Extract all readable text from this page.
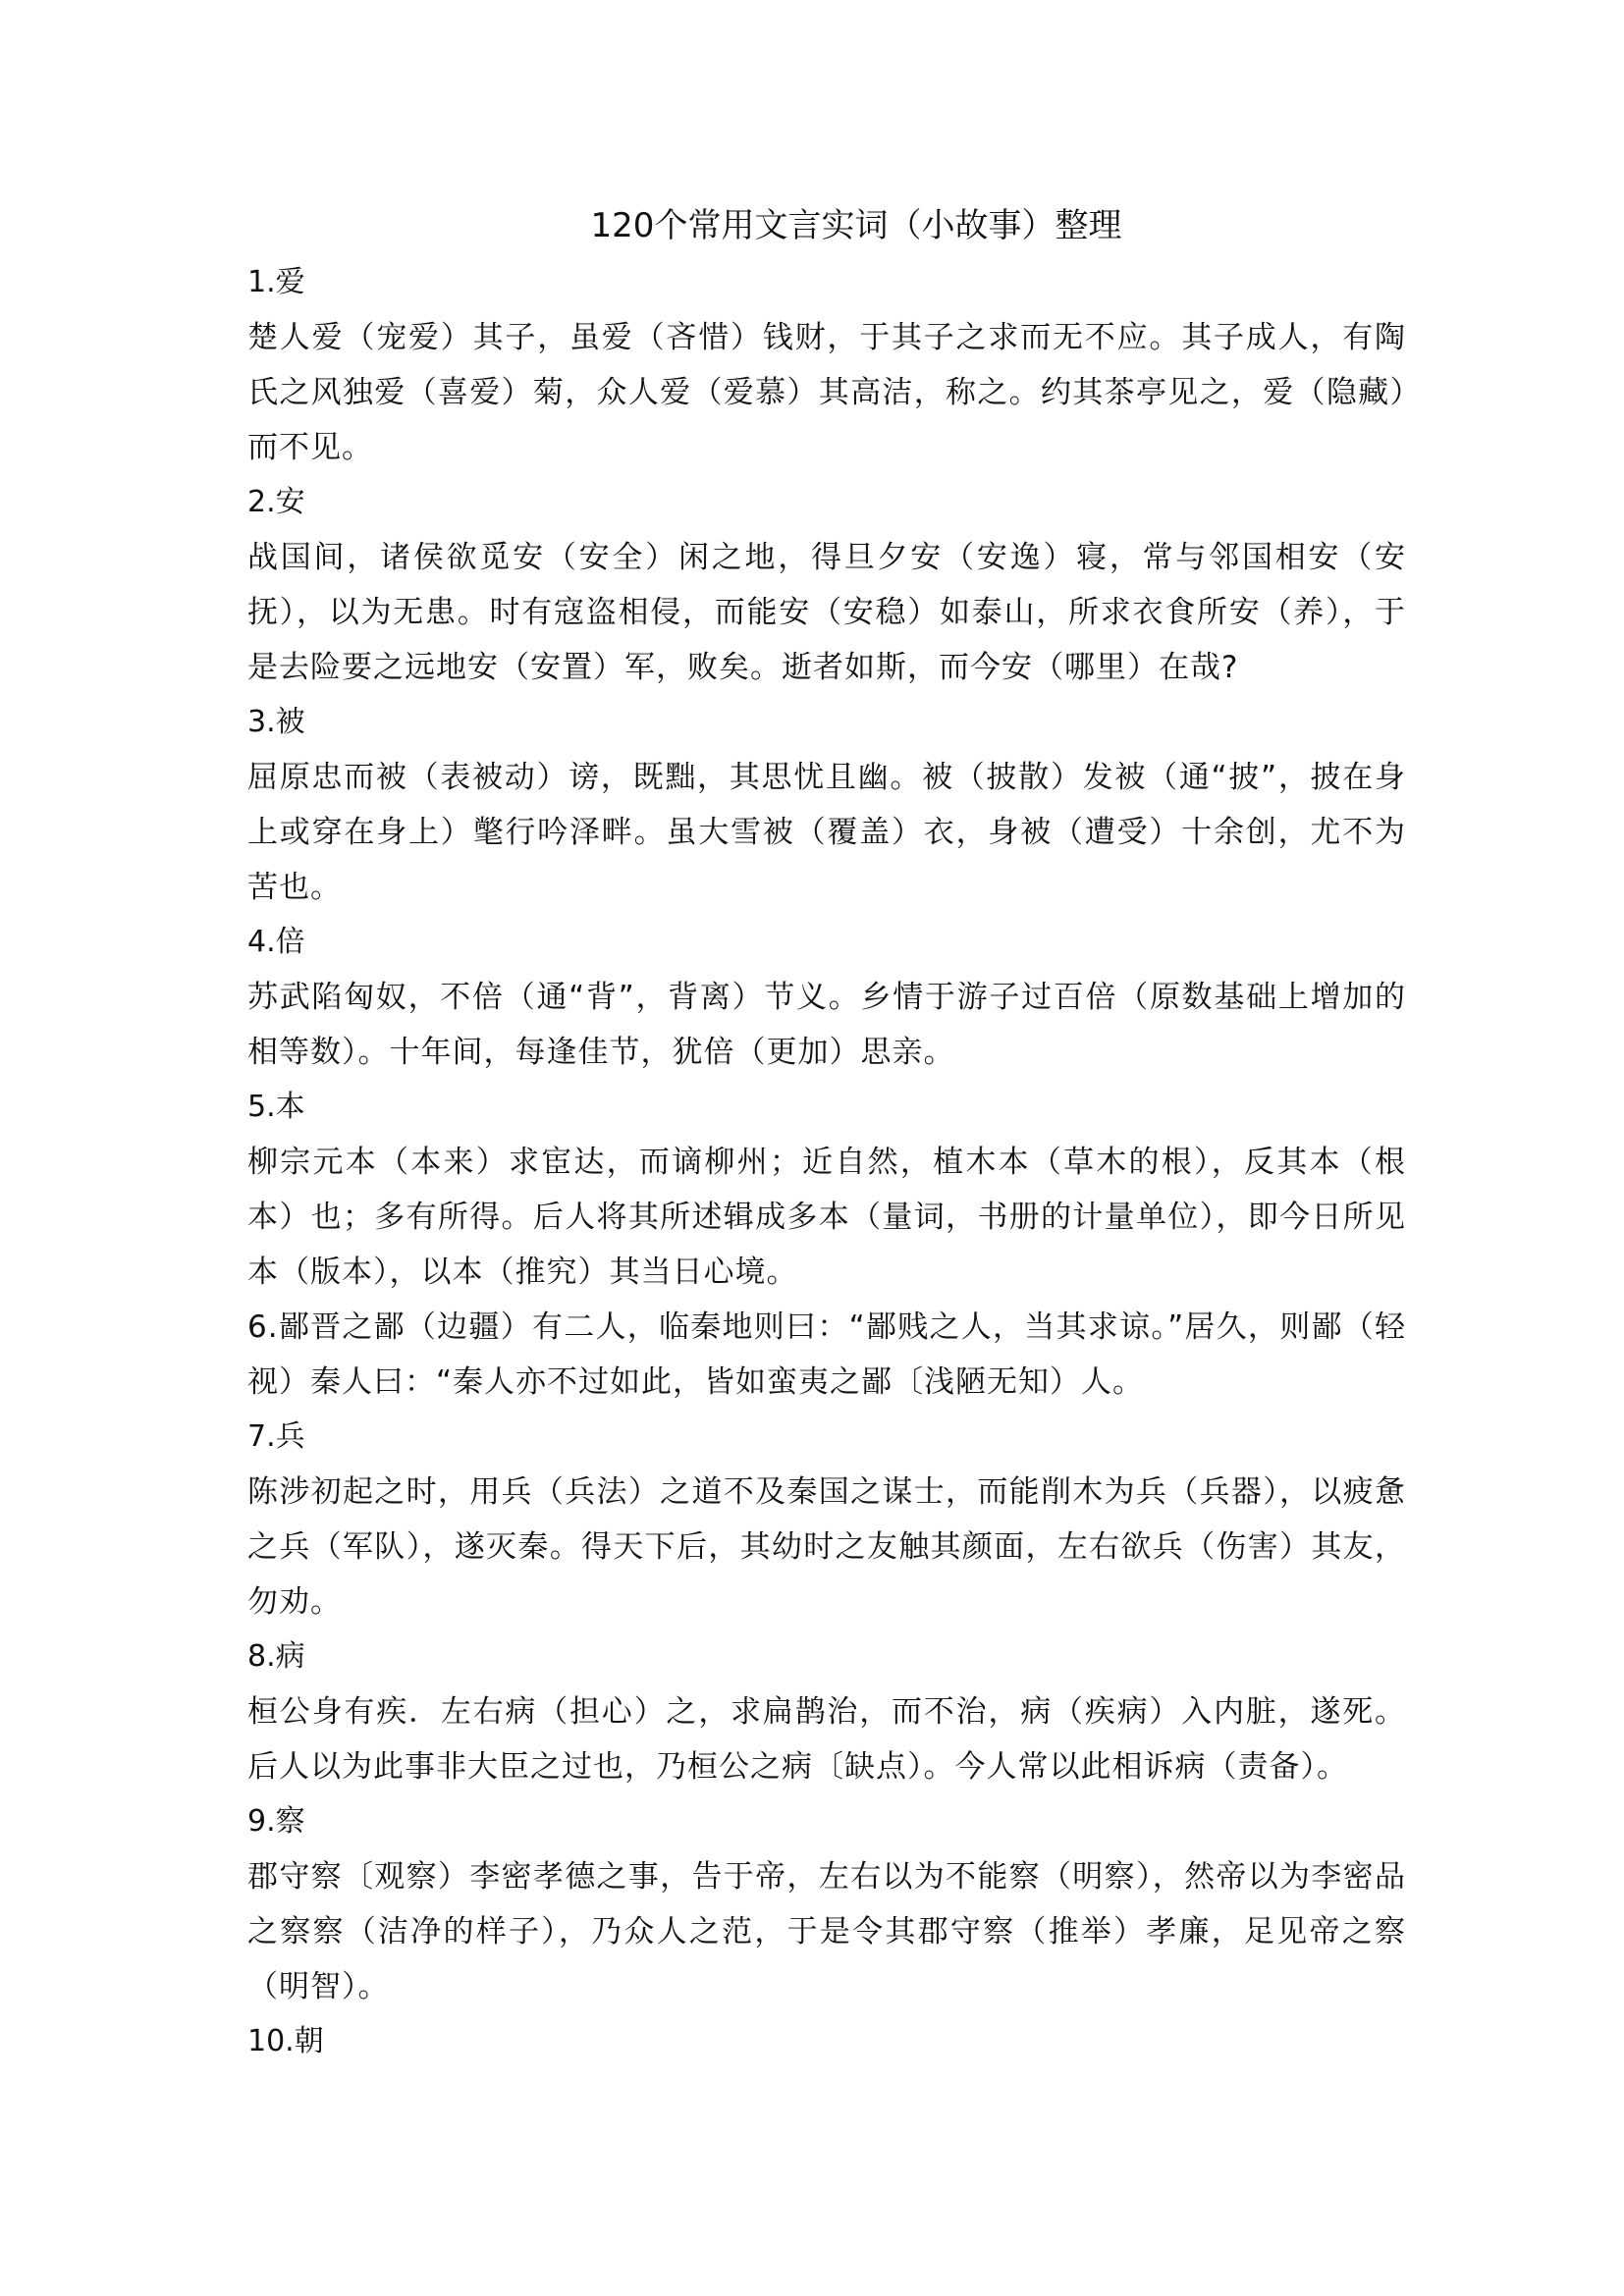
120个常用文言实词（小故事）整理

1.爱

楚人爱（宠爱）其子，虽爱（吝惜）钱财，于其子之求而无不应。其子成人，有陶氏之风独爱（喜爱）菊，众人爱（爱慕）其高洁，称之。约其茶亭见之，爱（隐藏）而不见。

2.安

战国间，诸侯欲觅安（安全）闲之地，得旦夕安（安逸）寝，常与邻国相安（安抚），以为无患。时有寇盗相侵，而能安（安稳）如泰山，所求衣食所安（养），于是去险要之远地安（安置）军，败矣。逝者如斯，而今安（哪里）在哉?

3.被

屈原忠而被（表被动）谤，既黜，其思忧且幽。被（披散）发被（通“披”，披在身上或穿在身上）氅行吟泽畔。虽大雪被（覆盖）衣，身被（遭受）十余创，尤不为苦也。

4.倍

苏武陷匈奴，不倍（通“背”，背离）节义。乡情于游子过百倍（原数基础上增加的相等数）。十年间，每逢佳节，犹倍（更加）思亲。

5.本

柳宗元本（本来）求宦达，而谪柳州；近自然，植木本（草木的根），反其本（根本）也；多有所得。后人将其所述辑成多本（量词，书册的计量单位），即今日所见本（版本），以本（推究）其当日心境。

6.鄙晋之鄙（边疆）有二人，临秦地则曰：“鄙贱之人，当其求谅。”居久，则鄙（轻视）秦人曰：“秦人亦不过如此，皆如蛮夷之鄙〔浅陋无知）人。

7.兵

陈涉初起之时，用兵（兵法）之道不及秦国之谋士，而能削木为兵（兵器），以疲惫之兵（军队），遂灭秦。得天下后，其幼时之友触其颜面，左右欲兵（伤害）其友，勿劝。

8.病

桓公身有疾．左右病（担心）之，求扁鹊治，而不治，病（疾病）入内脏，遂死。后人以为此事非大臣之过也，乃桓公之病〔缺点）。今人常以此相诉病（责备）。

9.察

郡守察〔观察）李密孝德之事，告于帝，左右以为不能察（明察），然帝以为李密品之察察（洁净的样子），乃众人之范，于是令其郡守察（推举）孝廉，足见帝之察（明智）。

10.朝
